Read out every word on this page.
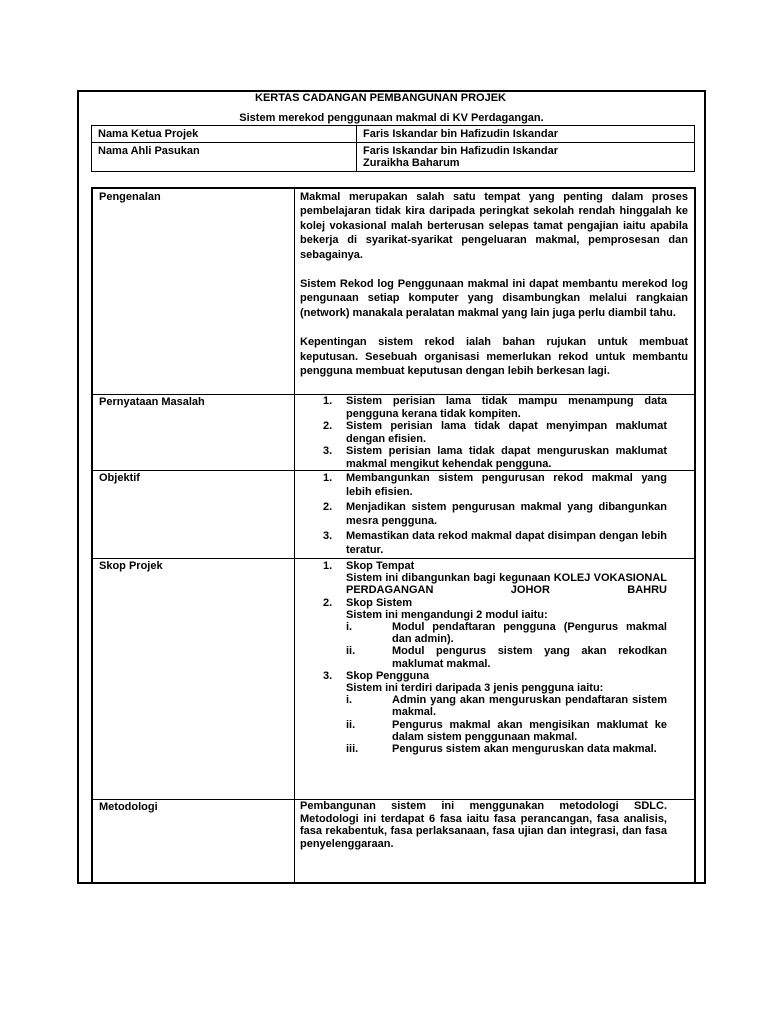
KERTAS CADANGAN PEMBANGUNAN PROJEK
Sistem merekod penggunaan makmal di KV Perdagangan.
Nama Ketua Projek	Faris Iskandar bin Hafizudin Iskandar
Nama Ahli Pasukan	Faris Iskandar bin Hafizudin Iskandar
Zuraikha Baharum
Pengenalan	Makmal merupakan salah satu tempat yang penting dalam proses pembelajaran tidak kira daripada peringkat sekolah rendah hinggalah ke kolej vokasional malah berterusan selepas tamat pengajian iaitu apabila bekerja di syarikat-syarikat pengeluaran makmal, pemprosesan dan sebagainya.

Sistem Rekod log Penggunaan makmal ini dapat membantu merekod log pengunaan setiap komputer yang disambungkan melalui rangkaian (network) manakala peralatan makmal yang lain juga perlu diambil tahu.

Kepentingan sistem rekod ialah bahan rujukan untuk membuat keputusan. Sesebuah organisasi memerlukan rekod untuk membantu pengguna membuat keputusan dengan lebih berkesan lagi.

Pernyataan Masalah	1. Sistem perisian lama tidak mampu menampung data pengguna kerana tidak kompiten.
2. Sistem perisian lama tidak dapat menyimpan maklumat dengan efisien.
3. Sistem perisian lama tidak dapat menguruskan maklumat makmal mengikut kehendak pengguna.
Objektif	1. Membangunkan sistem pengurusan rekod makmal yang lebih efisien.
2. Menjadikan sistem pengurusan makmal yang dibangunkan mesra pengguna.
3. Memastikan data rekod makmal dapat disimpan dengan lebih teratur.
Skop Projek	1. Skop Tempat
Sistem ini dibangunkan bagi kegunaan KOLEJ VOKASIONAL PERDAGANGAN JOHOR BAHRU
2. Skop Sistem
Sistem ini mengandungi 2 modul iaitu:
i.	Modul pendaftaran pengguna (Pengurus makmal dan admin).
ii.	Modul pengurus sistem yang akan rekodkan maklumat makmal.
3. Skop Pengguna
Sistem ini terdiri daripada 3 jenis pengguna iaitu:
i.	Admin yang akan menguruskan pendaftaran sistem makmal.
ii.	Pengurus makmal akan mengisikan maklumat ke dalam sistem penggunaan makmal.
iii.	Pengurus sistem akan menguruskan data makmal.
Metodologi	Pembangunan sistem ini menggunakan metodologi SDLC. Metodologi ini terdapat 6 fasa iaitu fasa perancangan, fasa analisis, fasa rekabentuk, fasa perlaksanaan, fasa ujian dan integrasi, dan fasa penyelenggaraan.
